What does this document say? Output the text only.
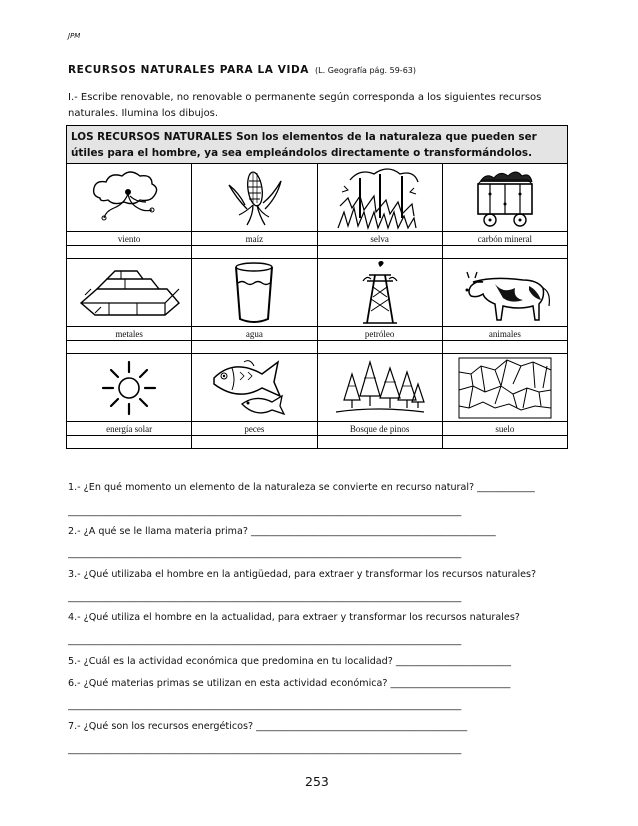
JPM
RECURSOS NATURALES PARA LA VIDA (L. Geografía pág. 59-63)
I.- Escribe renovable, no renovable o permanente según corresponda a los siguientes recursos naturales. Ilumina los dibujos.
LOS RECURSOS NATURALES Son los elementos de la naturaleza que pueden ser útiles para el hombre, ya sea empleándolos directamente o transformándolos.

viento	maíz	selva	carbón mineral

metales	agua	petróleo	animales

energía solar	peces	Bosque de pinos	suelo

1.- ¿En qué momento un elemento de la naturaleza se convierte en recurso natural? ____________
__________________________________________________________________________________
2.- ¿A qué se le llama materia prima? ___________________________________________________
__________________________________________________________________________________
3.- ¿Qué utilizaba el hombre en la antigüedad, para extraer y transformar los recursos naturales?
__________________________________________________________________________________
4.- ¿Qué utiliza el hombre en la actualidad, para extraer y transformar los recursos naturales?
__________________________________________________________________________________
5.- ¿Cuál es la actividad económica que predomina en tu localidad? ________________________
6.- ¿Qué materias primas se utilizan en esta actividad económica? _________________________
__________________________________________________________________________________
7.- ¿Qué son los recursos energéticos? ____________________________________________
__________________________________________________________________________________
253
